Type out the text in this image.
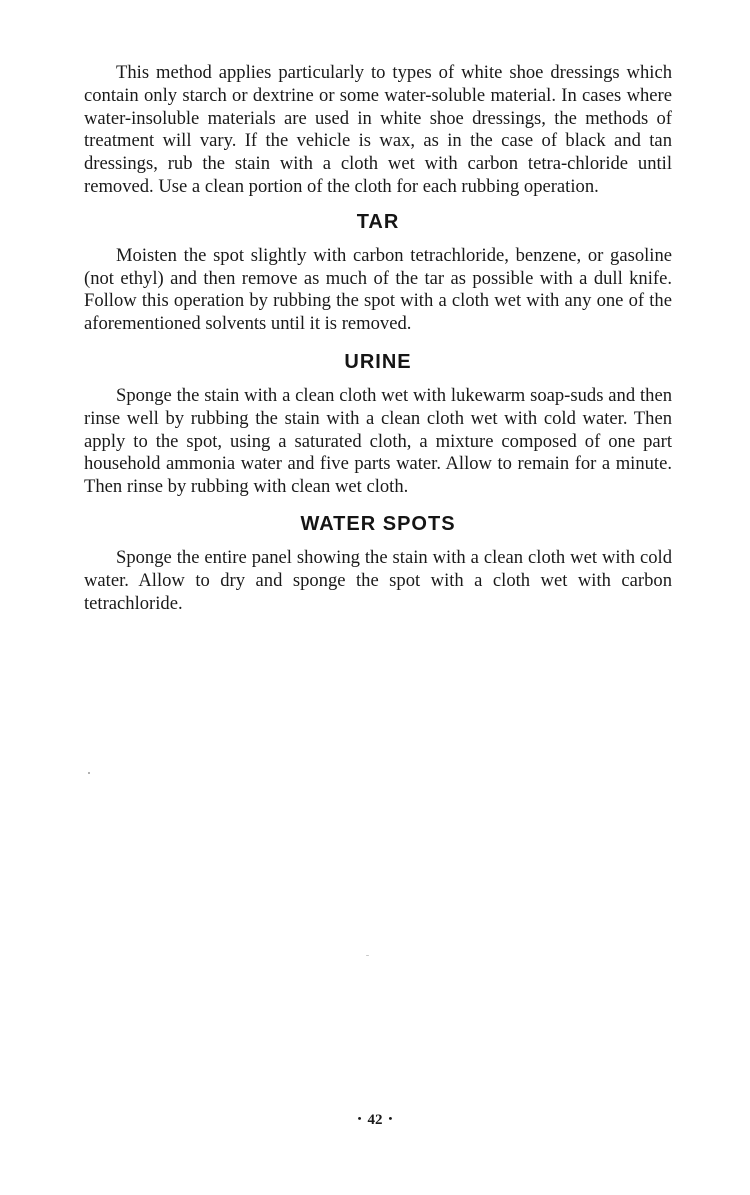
This method applies particularly to types of white shoe dressings which contain only starch or dextrine or some water-soluble material. In cases where water-insoluble materials are used in white shoe dressings, the methods of treatment will vary. If the vehicle is wax, as in the case of black and tan dressings, rub the stain with a cloth wet with carbon tetra-chloride until removed. Use a clean portion of the cloth for each rubbing operation.

TAR

Moisten the spot slightly with carbon tetrachloride, benzene, or gasoline (not ethyl) and then remove as much of the tar as possible with a dull knife. Follow this operation by rubbing the spot with a cloth wet with any one of the aforementioned solvents until it is removed.

URINE

Sponge the stain with a clean cloth wet with lukewarm soap-suds and then rinse well by rubbing the stain with a clean cloth wet with cold water. Then apply to the spot, using a saturated cloth, a mixture composed of one part household ammonia water and five parts water. Allow to remain for a minute. Then rinse by rubbing with clean wet cloth.

WATER SPOTS

Sponge the entire panel showing the stain with a clean cloth wet with cold water. Allow to dry and sponge the spot with a cloth wet with carbon tetrachloride.

• 42 •
